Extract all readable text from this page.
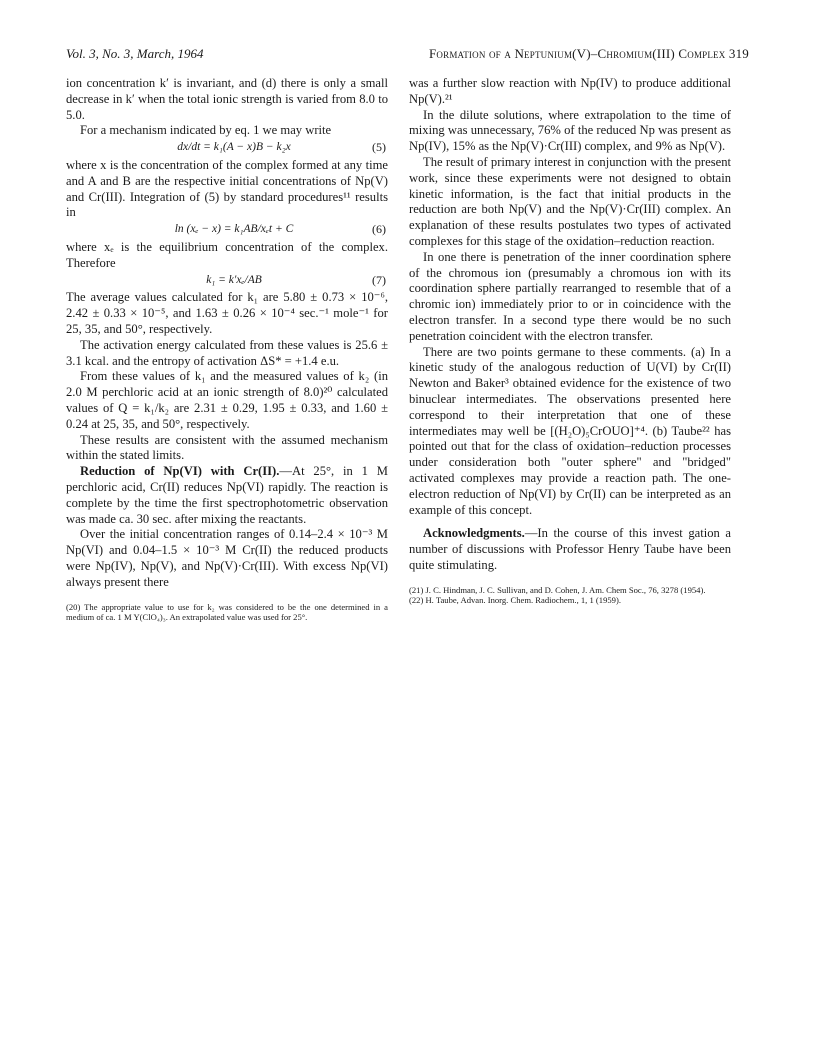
Vol. 3, No. 3, March, 1964	Formation of a Neptunium(V)–Chromium(III) Complex 319

ion concentration k′ is invariant, and (d) there is only a small decrease in k′ when the total ionic strength is varied from 8.0 to 5.0.

For a mechanism indicated by eq. 1 we may write

dx/dt = k₁(A − x)B − k₂x	(5)

where x is the concentration of the complex formed at any time and A and B are the respective initial concentrations of Np(V) and Cr(III). Integration of (5) by standard procedures¹¹ results in

ln (xₑ − x) = k₁AB/xₑt + C	(6)

where xₑ is the equilibrium concentration of the complex. Therefore

k₁ = k′xₑ/AB	(7)

The average values calculated for k₁ are 5.80 ± 0.73 × 10⁻⁶, 2.42 ± 0.33 × 10⁻⁵, and 1.63 ± 0.26 × 10⁻⁴ sec.⁻¹ mole⁻¹ for 25, 35, and 50°, respectively.

The activation energy calculated from these values is 25.6 ± 3.1 kcal. and the entropy of activation ΔS* = +1.4 e.u.

From these values of k₁ and the measured values of k₂ (in 2.0 M perchloric acid at an ionic strength of 8.0)²⁰ calculated values of Q = k₁/k₂ are 2.31 ± 0.29, 1.95 ± 0.33, and 1.60 ± 0.24 at 25, 35, and 50°, respectively.

These results are consistent with the assumed mechanism within the stated limits.

Reduction of Np(VI) with Cr(II).—At 25°, in 1 M perchloric acid, Cr(II) reduces Np(VI) rapidly. The reaction is complete by the time the first spectrophotometric observation was made ca. 30 sec. after mixing the reactants.

Over the initial concentration ranges of 0.14–2.4 × 10⁻³ M Np(VI) and 0.04–1.5 × 10⁻³ M Cr(II) the reduced products were Np(IV), Np(V), and Np(V)·Cr(III). With excess Np(VI) always present there

(20) The appropriate value to use for k₂ was considered to be the one determined in a medium of ca. 1 M Y(ClO₄)₃. An extrapolated value was used for 25°.

was a further slow reaction with Np(IV) to produce additional Np(V).²¹

In the dilute solutions, where extrapolation to the time of mixing was unnecessary, 76% of the reduced Np was present as Np(IV), 15% as the Np(V)·Cr(III) complex, and 9% as Np(V).

The result of primary interest in conjunction with the present work, since these experiments were not designed to obtain kinetic information, is the fact that initial products in the reduction are both Np(V) and the Np(V)·Cr(III) complex. An explanation of these results postulates two types of activated complexes for this stage of the oxidation–reduction reaction.

In one there is penetration of the inner coordination sphere of the chromous ion (presumably a chromous ion with its coordination sphere partially rearranged to resemble that of a chromic ion) immediately prior to or in coincidence with the electron transfer. In a second type there would be no such penetration coincident with the electron transfer.

There are two points germane to these comments. (a) In a kinetic study of the analogous reduction of U(VI) by Cr(II) Newton and Baker³ obtained evidence for the existence of two binuclear intermediates. The observations presented here correspond to their interpretation that one of these intermediates may well be [(H₂O)₅CrOUO]⁺⁴. (b) Taube²² has pointed out that for the class of oxidation–reduction processes under consideration both "outer sphere" and "bridged" activated complexes may provide a reaction path. The one-electron reduction of Np(VI) by Cr(II) can be interpreted as an example of this concept.

Acknowledgments.—In the course of this invest gation a number of discussions with Professor Henry Taube have been quite stimulating.

(21) J. C. Hindman, J. C. Sullivan, and D. Cohen, J. Am. Chem Soc., 76, 3278 (1954).

(22) H. Taube, Advan. Inorg. Chem. Radiochem., 1, 1 (1959).
